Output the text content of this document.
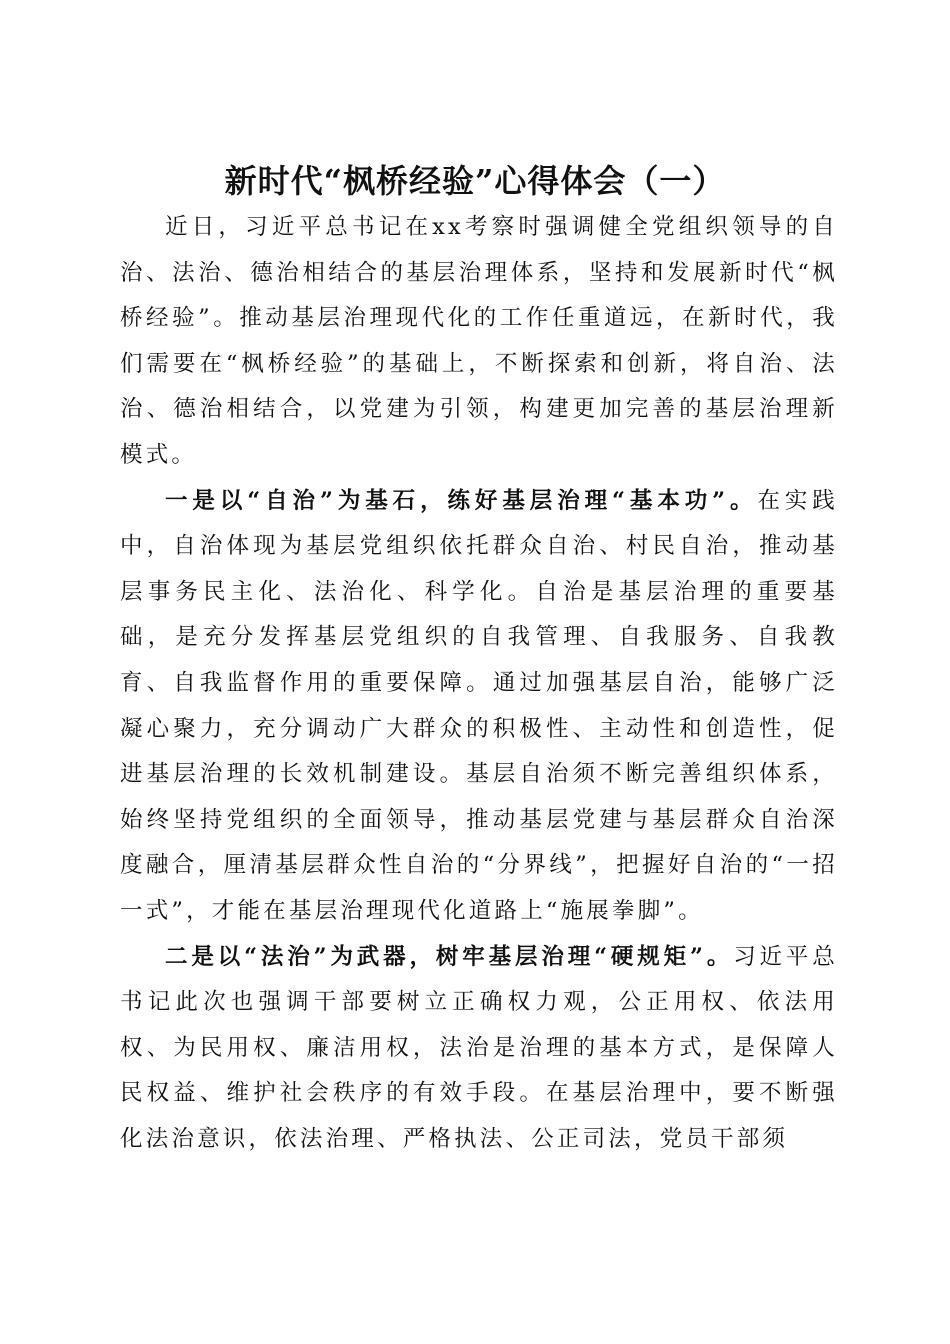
新时代“枫桥经验”心得体会（一）

近日，习近平总书记在xx考察时强调健全党组织领导的自治、法治、德治相结合的基层治理体系，坚持和发展新时代“枫桥经验”。推动基层治理现代化的工作任重道远，在新时代，我们需要在“枫桥经验”的基础上，不断探索和创新，将自治、法治、德治相结合，以党建为引领，构建更加完善的基层治理新模式。

一是以“自治”为基石，练好基层治理“基本功”。在实践中，自治体现为基层党组织依托群众自治、村民自治，推动基层事务民主化、法治化、科学化。自治是基层治理的重要基础，是充分发挥基层党组织的自我管理、自我服务、自我教育、自我监督作用的重要保障。通过加强基层自治，能够广泛凝心聚力，充分调动广大群众的积极性、主动性和创造性，促进基层治理的长效机制建设。基层自治须不断完善组织体系，始终坚持党组织的全面领导，推动基层党建与基层群众自治深度融合，厘清基层群众性自治的“分界线”，把握好自治的“一招一式”，才能在基层治理现代化道路上“施展拳脚”。

二是以“法治”为武器，树牢基层治理“硬规矩”。习近平总书记此次也强调干部要树立正确权力观，公正用权、依法用权、为民用权、廉洁用权，法治是治理的基本方式，是保障人民权益、维护社会秩序的有效手段。在基层治理中，要不断强化法治意识，依法治理、严格执法、公正司法，党员干部须
